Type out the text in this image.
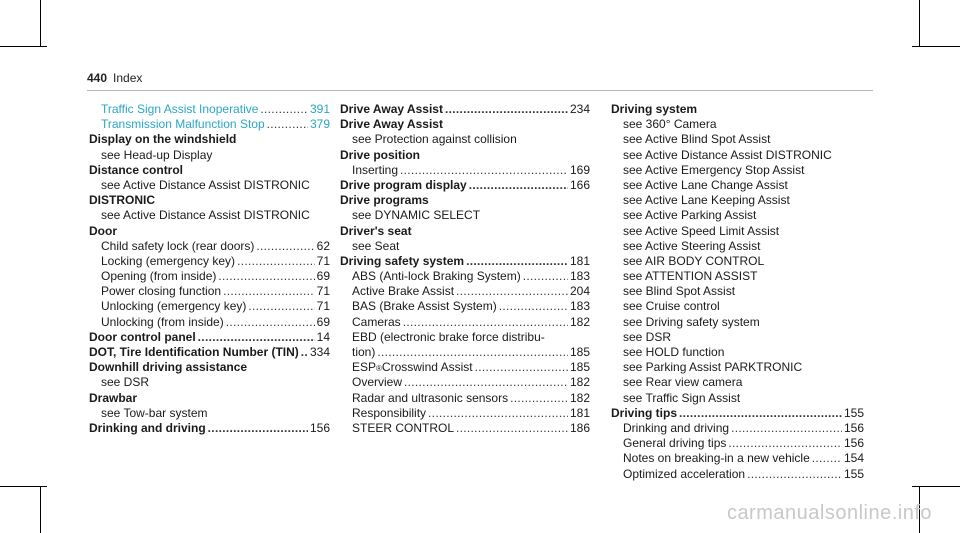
440 Index
Traffic Sign Assist Inoperative .....	391
Transmission Malfunction Stop .....	379
Display on the windshield
see Head-up Display
Distance control
see Active Distance Assist DISTRONIC
DISTRONIC
see Active Distance Assist DISTRONIC
Door
Child safety lock (rear doors) .....	62
Locking (emergency key) .....	71
Opening (from inside) .....	69
Power closing function .....	71
Unlocking (emergency key) .....	71
Unlocking (from inside) .....	69
Door control panel .....	14
DOT, Tire Identification Number (TIN) ..... 334
Downhill driving assistance
see DSR
Drawbar
see Tow-bar system
Drinking and driving .....	156
Drive Away Assist .....	234
Drive Away Assist
see Protection against collision
Drive position
Inserting .....	169
Drive program display .....	166
Drive programs
see DYNAMIC SELECT
Driver's seat
see Seat
Driving safety system .....	181
ABS (Anti-lock Braking System) .....	183
Active Brake Assist .....	204
BAS (Brake Assist System) .....	183
Cameras .....	182
EBD (electronic brake force distribu-
tion) .....	185
ESP ® Crosswind Assist .....	185
Overview .....	182
Radar and ultrasonic sensors .....	182
Responsibility .....	181
STEER CONTROL .....	186
Driving system
see 360° Camera
see Active Blind Spot Assist
see Active Distance Assist DISTRONIC
see Active Emergency Stop Assist
see Active Lane Change Assist
see Active Lane Keeping Assist
see Active Parking Assist
see Active Speed Limit Assist
see Active Steering Assist
see AIR BODY CONTROL
see ATTENTION ASSIST
see Blind Spot Assist
see Cruise control
see Driving safety system
see DSR
see HOLD function
see Parking Assist PARKTRONIC
see Rear view camera
see Traffic Sign Assist
Driving tips .....	155
Drinking and driving .....	156
General driving tips .....	156
Notes on breaking-in a new vehicle .....	154
Optimized acceleration .....	155
carmanualsonline.info
